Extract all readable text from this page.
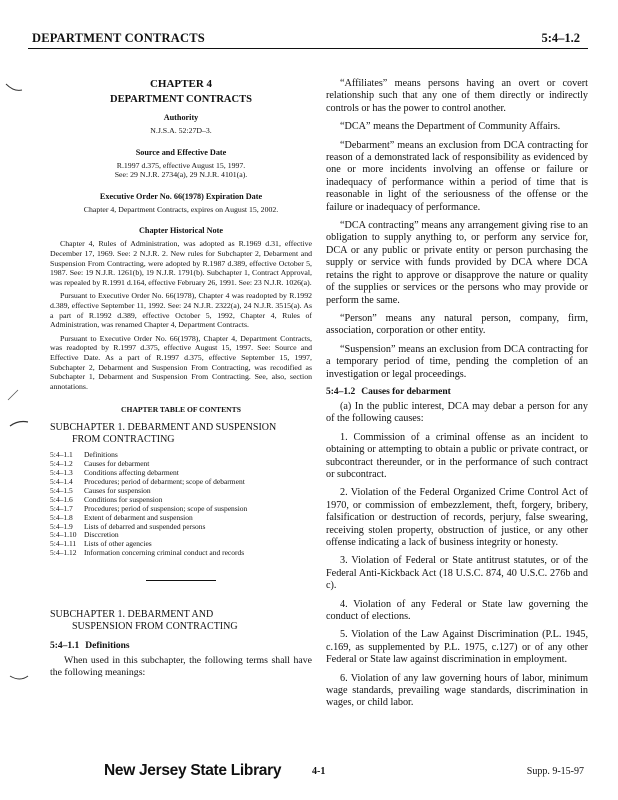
DEPARTMENT CONTRACTS	5:4–1.2

CHAPTER 4

DEPARTMENT CONTRACTS

Authority

N.J.S.A. 52:27D–3.

Source and Effective Date

R.1997 d.375, effective August 15, 1997.
See: 29 N.J.R. 2734(a), 29 N.J.R. 4101(a).

Executive Order No. 66(1978) Expiration Date

Chapter 4, Department Contracts, expires on August 15, 2002.

Chapter Historical Note

Chapter 4, Rules of Administration, was adopted as R.1969 d.31, effective December 17, 1969. See: 2 N.J.R. 2. New rules for Subchapter 2, Debarment and Suspension From Contracting, were adopted by R.1987 d.389, effective October 5, 1987. See: 19 N.J.R. 1261(b), 19 N.J.R. 1791(b). Subchapter 1, Contract Approval, was repealed by R.1991 d.164, effective February 26, 1991. See: 23 N.J.R. 1026(a).

Pursuant to Executive Order No. 66(1978), Chapter 4 was readopted by R.1992 d.389, effective September 11, 1992. See: 24 N.J.R. 2322(a), 24 N.J.R. 3515(a). As a part of R.1992 d.389, effective October 5, 1992, Chapter 4, Rules of Administration, was renamed Chapter 4, Department Contracts.

Pursuant to Executive Order No. 66(1978), Chapter 4, Department Contracts, was readopted by R.1997 d.375, effective August 15, 1997. See: Source and Effective Date. As a part of R.1997 d.375, effective September 15, 1997, Subchapter 2, Debarment and Suspension From Contracting, was recodified as Subchapter 1, Debarment and Suspension From Contracting. See, also, section annotations.

CHAPTER TABLE OF CONTENTS

SUBCHAPTER 1. DEBARMENT AND SUSPENSION
FROM CONTRACTING

5:4–1.1	Definitions
5:4–1.2	Causes for debarment
5:4–1.3	Conditions affecting debarment
5:4–1.4	Procedures; period of debarment; scope of debarment
5:4–1.5	Causes for suspension
5:4–1.6	Conditions for suspension
5:4–1.7	Procedures; period of suspension; scope of suspension
5:4–1.8	Extent of debarment and suspension
5:4–1.9	Lists of debarred and suspended persons
5:4–1.10	Disccretion
5:4–1.11	Lists of other agencies
5:4–1.12	Information concerning criminal conduct and records

SUBCHAPTER 1. DEBARMENT AND
SUSPENSION FROM CONTRACTING

5:4–1.1 Definitions

When used in this subchapter, the following terms shall have the following meanings:

“Affiliates” means persons having an overt or covert relationship such that any one of them directly or indirectly controls or has the power to control another.

“DCA” means the Department of Community Affairs.

“Debarment” means an exclusion from DCA contracting for reason of a demonstrated lack of responsibility as evidenced by one or more incidents involving an offense or failure or inadequacy of performance within a period of time that is reasonable in light of the seriousness of the offense or the failure or inadequacy of performance.

“DCA contracting” means any arrangement giving rise to an obligation to supply anything to, or perform any service for, DCA or any public or private entity or person purchasing the supply or service with funds provided by DCA where DCA retains the right to approve or disapprove the nature or quality of the supplies or services or the persons who may provide or perform the same.

“Person” means any natural person, company, firm, association, corporation or other entity.

“Suspension” means an exclusion from DCA contracting for a temporary period of time, pending the completion of an investigation or legal proceedings.

5:4–1.2 Causes for debarment

(a) In the public interest, DCA may debar a person for any of the following causes:

1. Commission of a criminal offense as an incident to obtaining or attempting to obtain a public or private contract, or subcontract thereunder, or in the performance of such contract or subcontract.

2. Violation of the Federal Organized Crime Control Act of 1970, or commission of embezzlement, theft, forgery, bribery, falsification or destruction of records, perjury, false swearing, receiving stolen property, obstruction of justice, or any other offense indicating a lack of business integrity or honesty.

3. Violation of Federal or State antitrust statutes, or of the Federal Anti-Kickback Act (18 U.S.C. 874, 40 U.S.C. 276b and c).

4. Violation of any Federal or State law governing the conduct of elections.

5. Violation of the Law Against Discrimination (P.L. 1945, c.169, as supplemented by P.L. 1975, c.127) or of any other Federal or State law against discrimination in employment.

6. Violation of any law governing hours of labor, minimum wage standards, prevailing wage standards, discrimination in wages, or child labor.

New Jersey State Library	4-1	Supp. 9-15-97
